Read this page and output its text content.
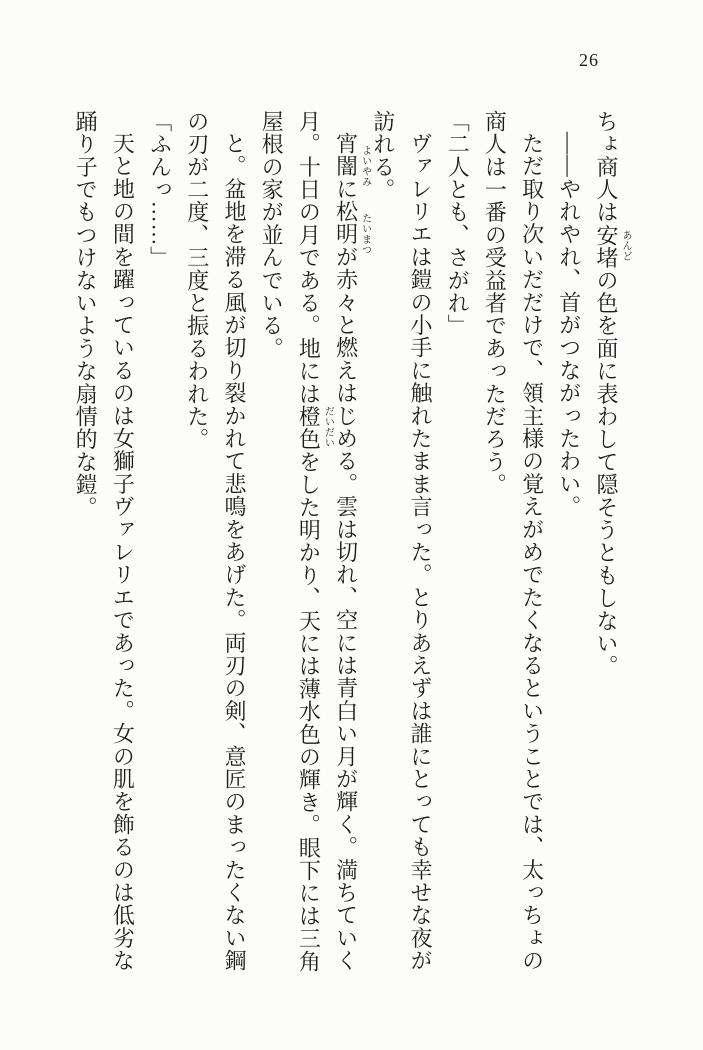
26

ちょ商人は安堵 あんど
の色を面に表わして隠そうともしない。

――やれやれ、首がつながったわい。

ただ取り次いだだけで、領主様の覚えがめでたくなるということでは、太っちょの商人は一番の受益者であっただろう。

「二人とも、さがれ」

ヴァレリエは鎧の小手に触れたまま言った。とりあえずは誰にとっても幸せな夜が訪れる。

宵闇 よいやみ
に松明 たいまつ
が赤々と燃えはじめる。雲は切れ、空には青白い月が輝く。満ちていく月。十日の月である。地には橙 だいだい
色をした明かり、天には薄水色の輝き。眼下には三角屋根の家が並んでいる。

と。盆地を滞る風が切り裂かれて悲鳴をあげた。両刃の剣、意匠のまったくない鋼の刃が二度、三度と振るわれた。

「ふんっ……」

天と地の間を躍っているのは女獅子ヴァレリエであった。女の肌を飾るのは低劣な踊り子でもつけないような扇情的な鎧。
